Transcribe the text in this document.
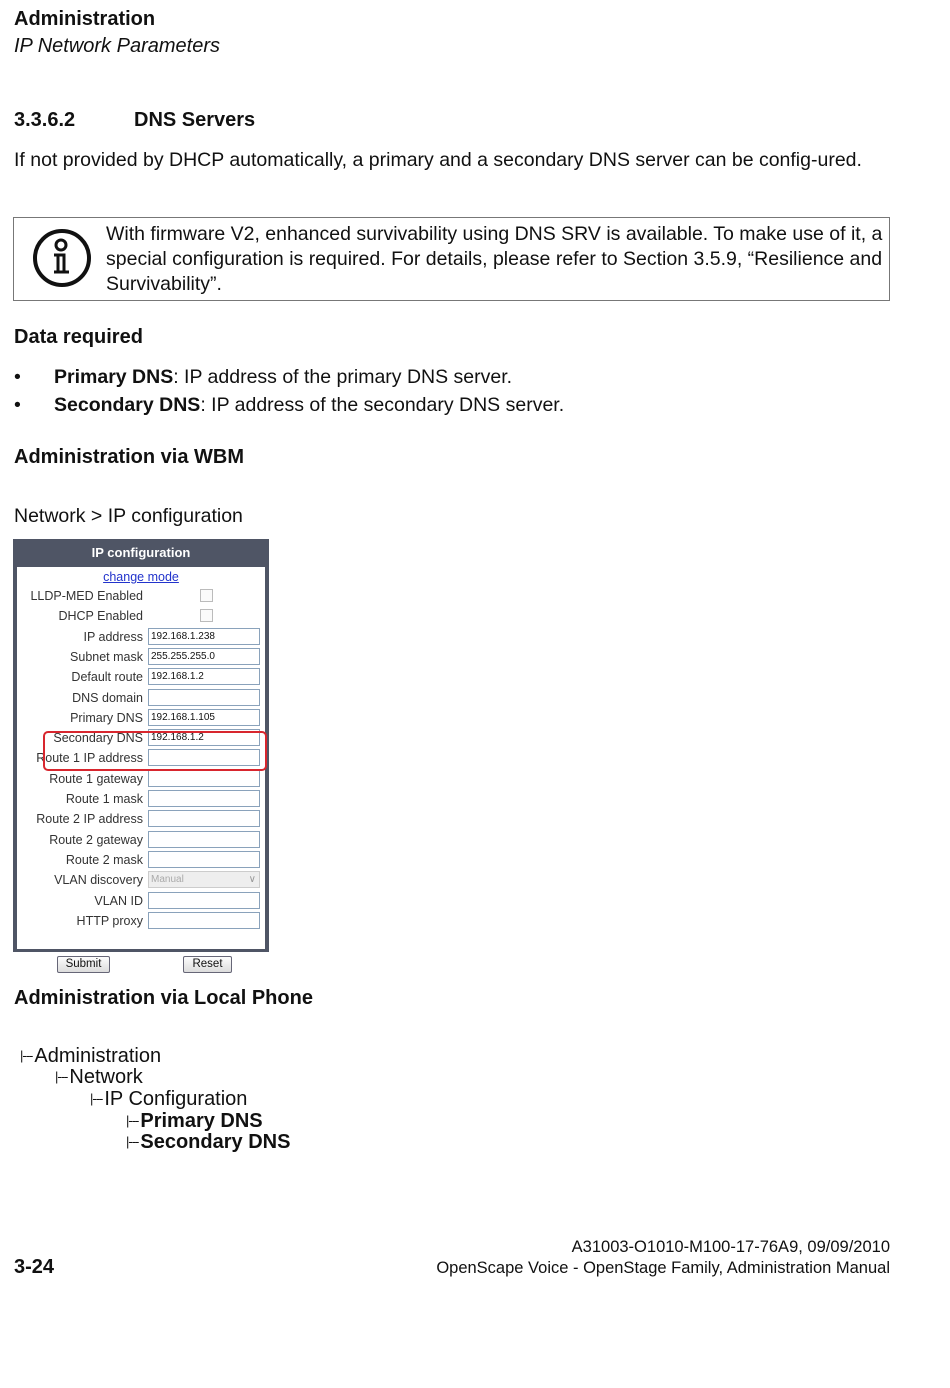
Administration
IP Network Parameters
3.3.6.2	DNS Servers
If not provided by DHCP automatically, a primary and a secondary DNS server can be config-ured.
With firmware V2, enhanced survivability using DNS SRV is available. To make use of it, a special configuration is required. For details, please refer to Section 3.5.9, “Resilience and Survivability”.
Data required
• Primary DNS: IP address of the primary DNS server.
• Secondary DNS: IP address of the secondary DNS server.
Administration via WBM
Network > IP configuration
IP configuration
change mode
LLDP-MED Enabled
DHCP Enabled
IP address 192.168.1.238
Subnet mask 255.255.255.0
Default route 192.168.1.2
DNS domain
Primary DNS 192.168.1.105
Secondary DNS 192.168.1.2
Route 1 IP address
Route 1 gateway
Route 1 mask
Route 2 IP address
Route 2 gateway
Route 2 mask
VLAN discovery Manual	∨
VLAN ID
HTTP proxy
Submit	Reset
Administration via Local Phone
|--- Administration
|--- Network
|--- IP Configuration
|--- Primary DNS
|--- Secondary DNS
A31003-O1010-M100-17-76A9, 09/09/2010
OpenScape Voice - OpenStage Family, Administration Manual
3-24
